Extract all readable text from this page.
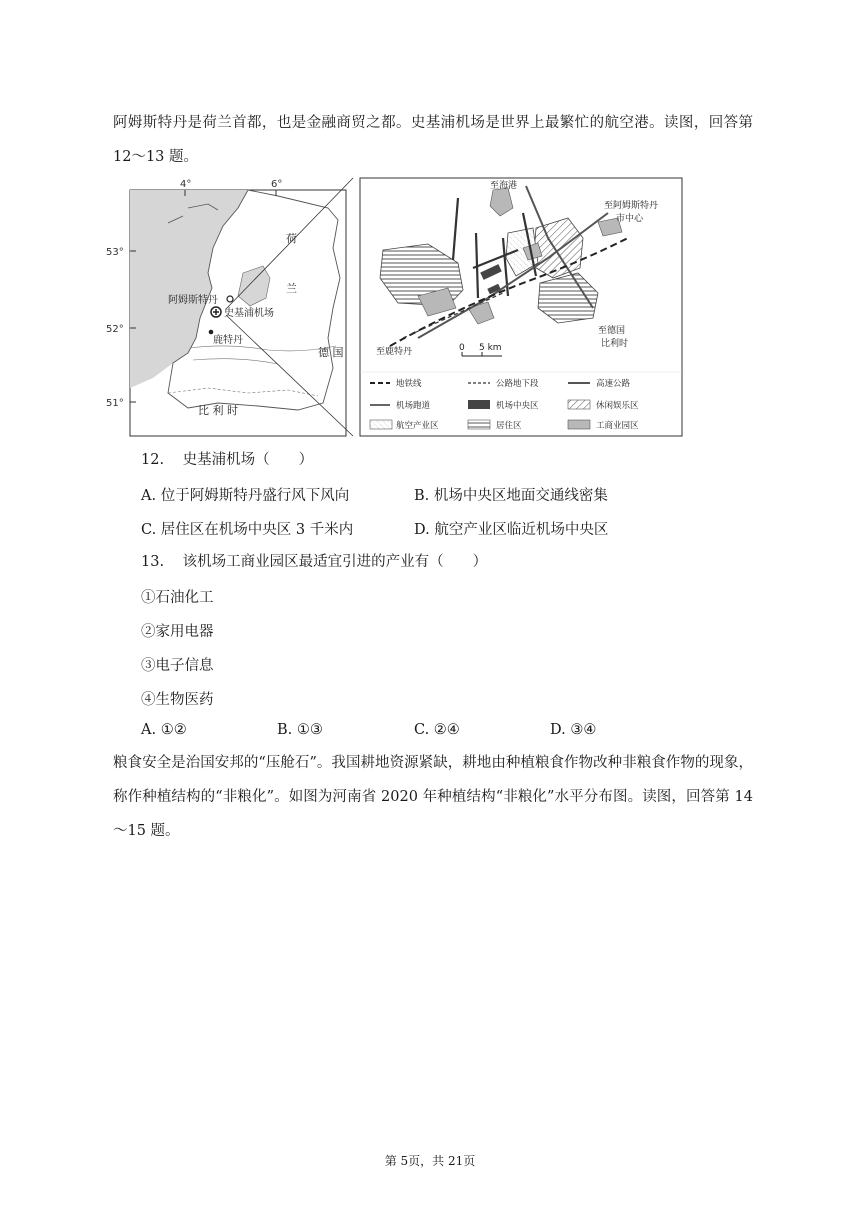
阿姆斯特丹是荷兰首都，也是金融商贸之都。史基浦机场是世界上最繁忙的航空港。读图，回答第 12～13 题。
4°	6°
阿姆斯特丹
史基浦机场
鹿特丹
荷
兰
德 国
比 利 时
53°
52°
51°
至海港
至阿姆斯特丹
市中心
至德国
比利时
至鹿特丹	0 5 km
地铁线	公路地下段	高速公路
机场跑道	机场中央区	休闲娱乐区
航空产业区	居住区	工商业园区
12. 史基浦机场（　　）
A. 位于阿姆斯特丹盛行风下风向	B. 机场中央区地面交通线密集
C. 居住区在机场中央区 3 千米内	D. 航空产业区临近机场中央区
13. 该机场工商业园区最适宜引进的产业有（　　）
①石油化工
②家用电器
③电子信息
④生物医药
A. ①②	B. ①③	C. ②④	D. ③④
粮食安全是治国安邦的“压舱石”。我国耕地资源紧缺，耕地由种植粮食作物改种非粮食作物的现象，称作种植结构的“非粮化”。如图为河南省 2020 年种植结构“非粮化”水平分布图。读图，回答第 14～15 题。
第 5页，共 21页
